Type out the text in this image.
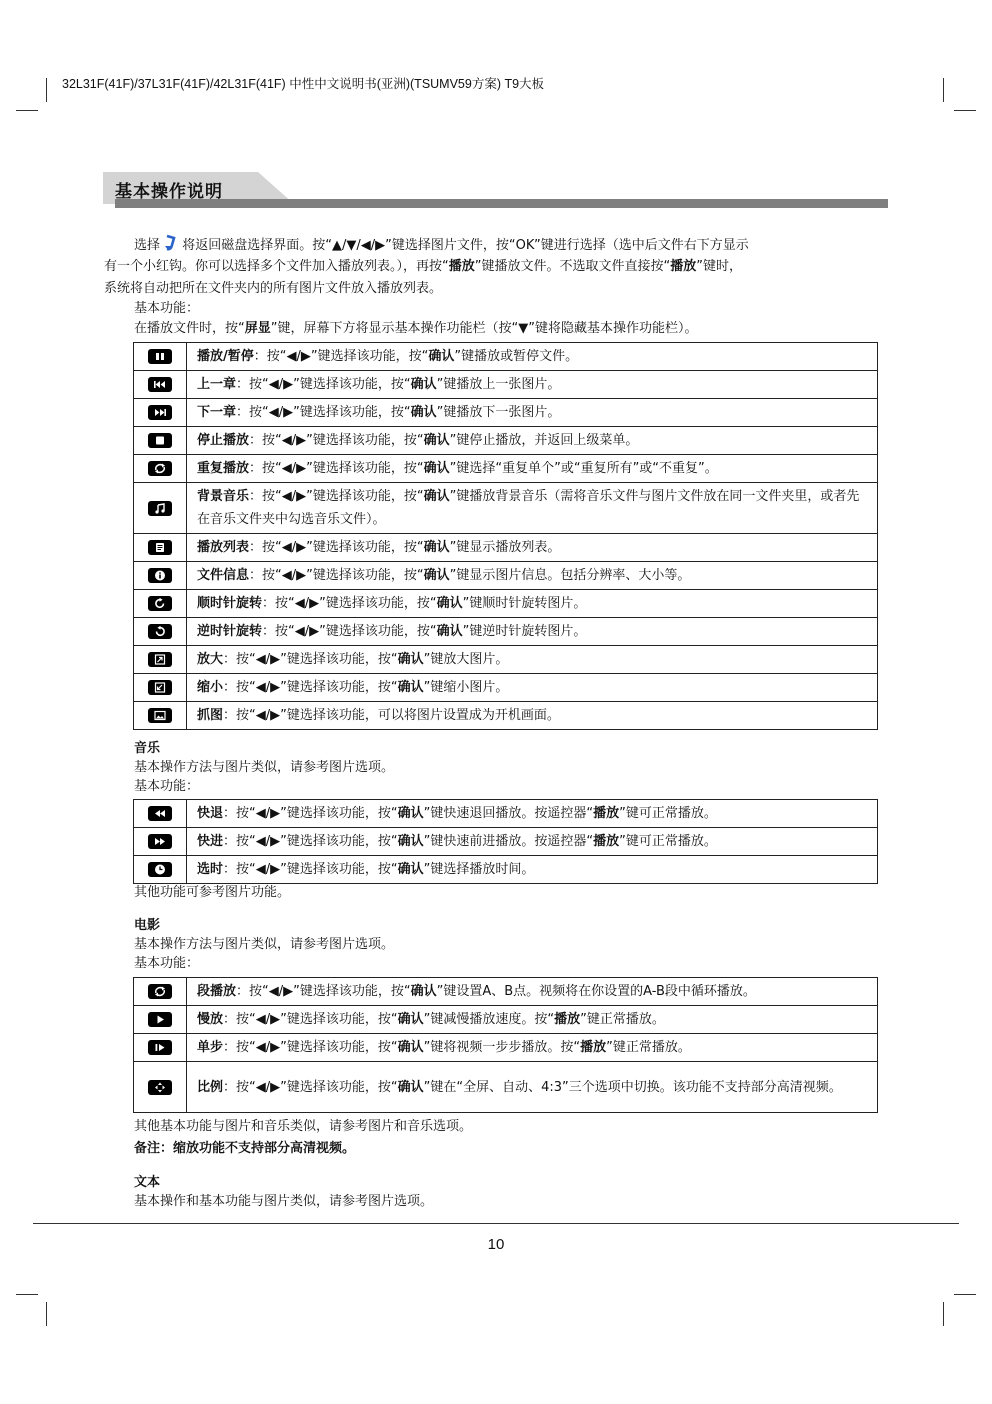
32L31F(41F)/37L31F(41F)/42L31F(41F) 中性中文说明书(亚洲)(TSUMV59方案) T9大板
基本操作说明
选择 将返回磁盘选择界面。按“▲/▼/◀/▶”键选择图片文件，按“OK”键进行选择（选中后文件右下方显示
有一个小红钩。你可以选择多个文件加入播放列表。），再按“播放”键播放文件。不选取文件直接按“播放”键时，
系统将自动把所在文件夹内的所有图片文件放入播放列表。
基本功能：
在播放文件时，按“屏显”键，屏幕下方将显示基本操作功能栏（按“▼”键将隐藏基本操作功能栏）。
	播放/暂停：按“◀/▶”键选择该功能，按“确认”键播放或暂停文件。

	上一章：按“◀/▶”键选择该功能，按“确认”键播放上一张图片。

	下一章：按“◀/▶”键选择该功能，按“确认”键播放下一张图片。

	停止播放：按“◀/▶”键选择该功能，按“确认”键停止播放，并返回上级菜单。

	重复播放：按“◀/▶”键选择该功能，按“确认”键选择“重复单个”或“重复所有”或“不重复”。

	背景音乐：按“◀/▶”键选择该功能，按“确认”键播放背景音乐（需将音乐文件与图片文件放在同一文件夹里，或者先在音乐文件夹中勾选音乐文件）。

	播放列表：按“◀/▶”键选择该功能，按“确认”键显示播放列表。

	文件信息：按“◀/▶”键选择该功能，按“确认”键显示图片信息。包括分辨率、大小等。

	顺时针旋转：按“◀/▶”键选择该功能，按“确认”键顺时针旋转图片。

	逆时针旋转：按“◀/▶”键选择该功能，按“确认”键逆时针旋转图片。

	放大：按“◀/▶”键选择该功能，按“确认”键放大图片。

	缩小：按“◀/▶”键选择该功能，按“确认”键缩小图片。

	抓图：按“◀/▶”键选择该功能，可以将图片设置成为开机画面。
音乐
基本操作方法与图片类似，请参考图片选项。
基本功能：
	快退：按“◀/▶”键选择该功能，按“确认”键快速退回播放。按遥控器“播放”键可正常播放。

	快进：按“◀/▶”键选择该功能，按“确认”键快速前进播放。按遥控器“播放”键可正常播放。

	选时：按“◀/▶”键选择该功能，按“确认”键选择播放时间。
其他功能可参考图片功能。
电影
基本操作方法与图片类似，请参考图片选项。
基本功能：
	段播放：按“◀/▶”键选择该功能，按“确认”键设置A、B点。视频将在你设置的A-B段中循环播放。

	慢放：按“◀/▶”键选择该功能，按“确认”键减慢播放速度。按“播放”键正常播放。

	单步：按“◀/▶”键选择该功能，按“确认”键将视频一步步播放。按“播放”键正常播放。

	比例：按“◀/▶”键选择该功能，按“确认”键在“全屏、自动、4:3”三个选项中切换。该功能不支持部分高清视频。
其他基本功能与图片和音乐类似，请参考图片和音乐选项。
备注：缩放功能不支持部分高清视频。
文本
基本操作和基本功能与图片类似，请参考图片选项。
10
